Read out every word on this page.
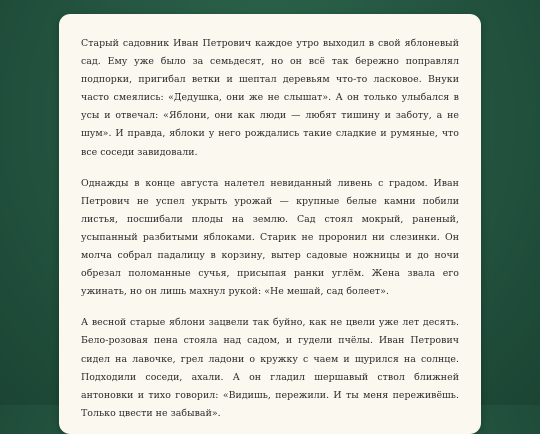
Старый садовник Иван Петрович каждое утро выходил в свой яблоневый сад. Ему уже было за семьдесят, но он всё так бережно поправлял подпорки, пригибал ветки и шептал деревьям что-то ласковое. Внуки часто смеялись: «Дедушка, они же не слышат». А он только улыбался в усы и отвечал: «Яблони, они как люди — любят тишину и заботу, а не шум». И правда, яблоки у него рождались такие сладкие и румяные, что все соседи завидовали.

Однажды в конце августа налетел невиданный ливень с градом. Иван Петрович не успел укрыть урожай — крупные белые камни побили листья, посшибали плоды на землю. Сад стоял мокрый, раненый, усыпанный разбитыми яблоками. Старик не проронил ни слезинки. Он молча собрал падалицу в корзину, вытер садовые ножницы и до ночи обрезал поломанные сучья, присыпая ранки углём. Жена звала его ужинать, но он лишь махнул рукой: «Не мешай, сад болеет».

А весной старые яблони зацвели так буйно, как не цвели уже лет десять. Бело-розовая пена стояла над садом, и гудели пчёлы. Иван Петрович сидел на лавочке, грел ладони о кружку с чаем и щурился на солнце. Подходили соседи, ахали. А он гладил шершавый ствол ближней антоновки и тихо говорил: «Видишь, пережили. И ты меня переживёшь. Только цвести не забывай».
